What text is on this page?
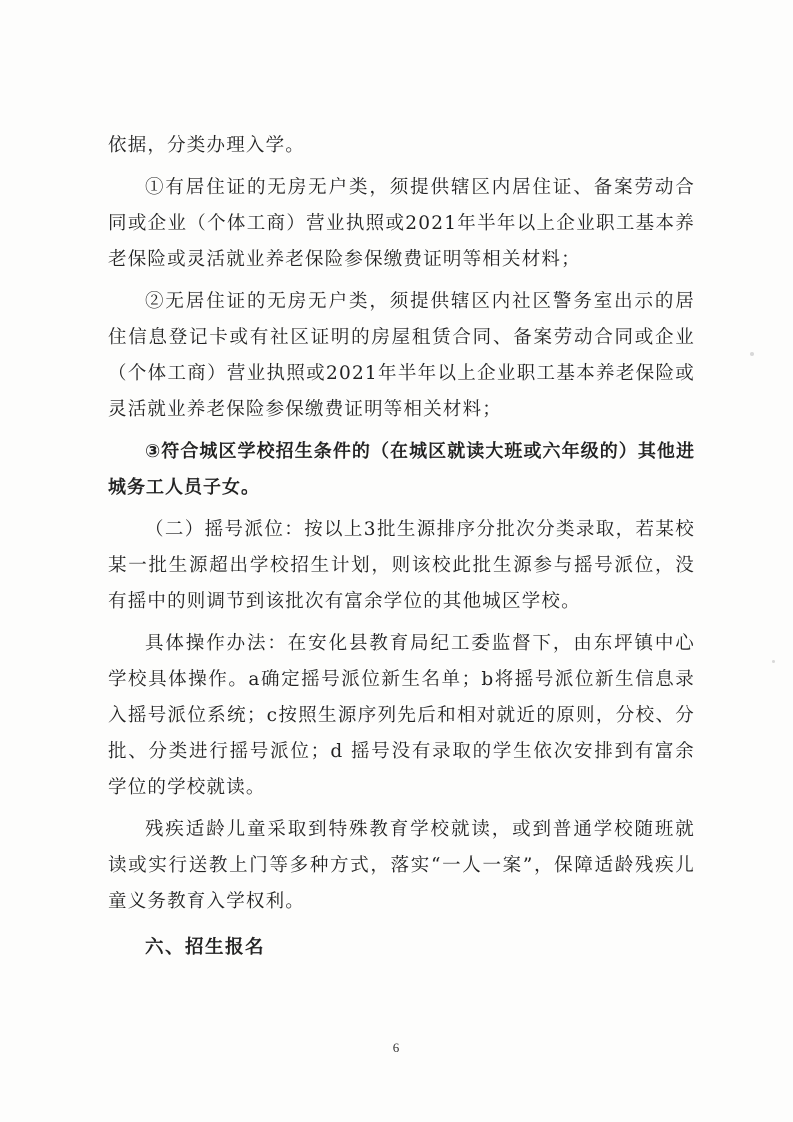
依据，分类办理入学。

①有居住证的无房无户类，须提供辖区内居住证、备案劳动合同或企业（个体工商）营业执照或2021年半年以上企业职工基本养老保险或灵活就业养老保险参保缴费证明等相关材料；

②无居住证的无房无户类，须提供辖区内社区警务室出示的居住信息登记卡或有社区证明的房屋租赁合同、备案劳动合同或企业（个体工商）营业执照或2021年半年以上企业职工基本养老保险或灵活就业养老保险参保缴费证明等相关材料；

③符合城区学校招生条件的（在城区就读大班或六年级的）其他进城务工人员子女。

（二）摇号派位：按以上3批生源排序分批次分类录取，若某校某一批生源超出学校招生计划，则该校此批生源参与摇号派位，没有摇中的则调节到该批次有富余学位的其他城区学校。

具体操作办法：在安化县教育局纪工委监督下，由东坪镇中心学校具体操作。a确定摇号派位新生名单；b将摇号派位新生信息录入摇号派位系统；c按照生源序列先后和相对就近的原则，分校、分批、分类进行摇号派位；d 摇号没有录取的学生依次安排到有富余学位的学校就读。

残疾适龄儿童采取到特殊教育学校就读，或到普通学校随班就读或实行送教上门等多种方式，落实“一人一案”，保障适龄残疾儿童义务教育入学权利。

六、招生报名

6
